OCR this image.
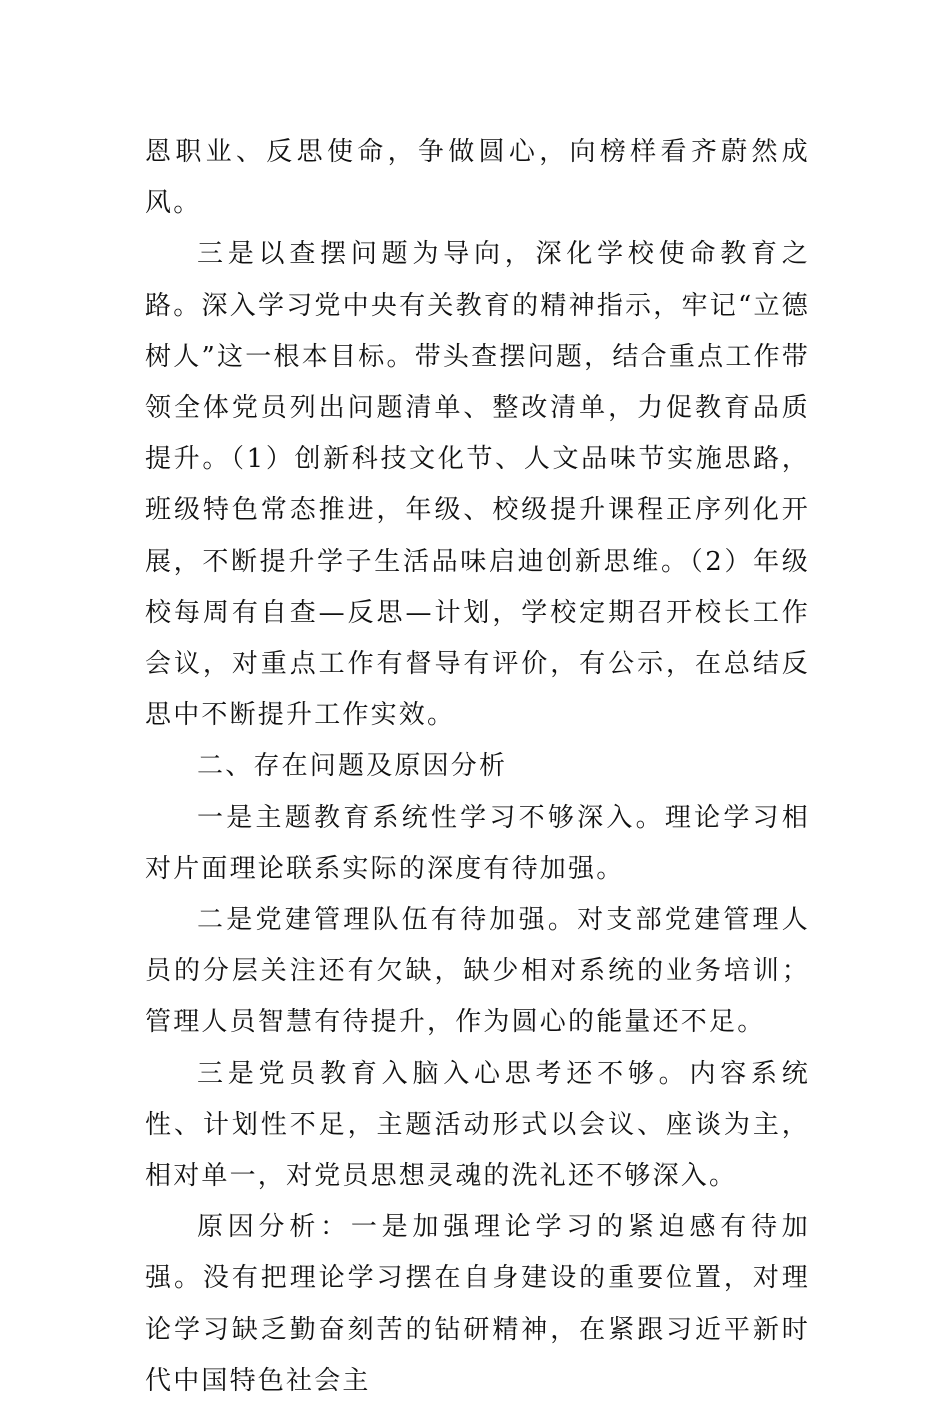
恩职业、反思使命，争做圆心，向榜样看齐蔚然成风。

三是以查摆问题为导向，深化学校使命教育之路。深入学习党中央有关教育的精神指示，牢记“立德树人”这一根本目标。带头查摆问题，结合重点工作带领全体党员列出问题清单、整改清单，力促教育品质提升。（1）创新科技文化节、人文品味节实施思路，班级特色常态推进，年级、校级提升课程正序列化开展，不断提升学子生活品味启迪创新思维。（2）年级校每周有自查—反思—计划，学校定期召开校长工作会议，对重点工作有督导有评价，有公示，在总结反思中不断提升工作实效。

二、存在问题及原因分析

一是主题教育系统性学习不够深入。理论学习相对片面理论联系实际的深度有待加强。

二是党建管理队伍有待加强。对支部党建管理人员的分层关注还有欠缺，缺少相对系统的业务培训；管理人员智慧有待提升，作为圆心的能量还不足。

三是党员教育入脑入心思考还不够。内容系统性、计划性不足，主题活动形式以会议、座谈为主，相对单一，对党员思想灵魂的洗礼还不够深入。

原因分析：一是加强理论学习的紧迫感有待加强。没有把理论学习摆在自身建设的重要位置，对理论学习缺乏勤奋刻苦的钻研精神，在紧跟习近平新时代中国特色社会主
